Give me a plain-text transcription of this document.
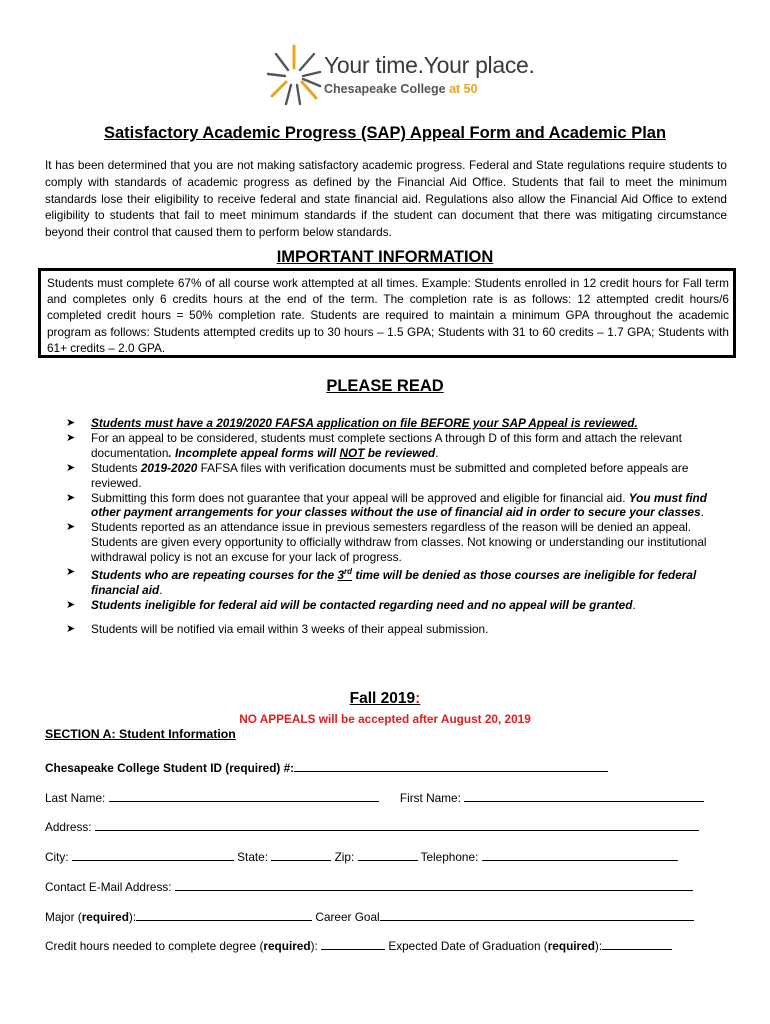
Your time.Your place.
Chesapeake College at 50
Satisfactory Academic Progress (SAP) Appeal Form and Academic Plan
It has been determined that you are not making satisfactory academic progress. Federal and State regulations require students to comply with standards of academic progress as defined by the Financial Aid Office. Students that fail to meet the minimum standards lose their eligibility to receive federal and state financial aid. Regulations also allow the Financial Aid Office to extend eligibility to students that fail to meet minimum standards if the student can document that there was mitigating circumstance beyond their control that caused them to perform below standards.
IMPORTANT INFORMATION
Students must complete 67% of all course work attempted at all times. Example: Students enrolled in 12 credit hours for Fall term and completes only 6 credits hours at the end of the term. The completion rate is as follows: 12 attempted credit hours/6 completed credit hours = 50% completion rate. Students are required to maintain a minimum GPA throughout the academic program as follows: Students attempted credits up to 30 hours – 1.5 GPA; Students with 31 to 60 credits – 1.7 GPA; Students with 61+ credits – 2.0 GPA.
PLEASE READ
➤ Students must have a 2019/2020 FAFSA application on file BEFORE your SAP Appeal is reviewed.
➤ For an appeal to be considered, students must complete sections A through D of this form and attach the relevant documentation. Incomplete appeal forms will NOT be reviewed.
➤ Students 2019-2020 FAFSA files with verification documents must be submitted and completed before appeals are reviewed.
➤ Submitting this form does not guarantee that your appeal will be approved and eligible for financial aid. You must find other payment arrangements for your classes without the use of financial aid in order to secure your classes.
➤ Students reported as an attendance issue in previous semesters regardless of the reason will be denied an appeal. Students are given every opportunity to officially withdraw from classes. Not knowing or understanding our institutional withdrawal policy is not an excuse for your lack of progress.
➤ Students who are repeating courses for the 3rd time will be denied as those courses are ineligible for federal financial aid.
➤ Students ineligible for federal aid will be contacted regarding need and no appeal will be granted.
➤ Students will be notified via email within 3 weeks of their appeal submission.
Fall 2019:
NO APPEALS will be accepted after August 20, 2019
SECTION A: Student Information
Chesapeake College Student ID (required) #:
Last Name:	First Name:
Address:
City:	State:	Zip:	Telephone:
Contact E-Mail Address:
Major (required):	Career Goal
Credit hours needed to complete degree (required):	Expected Date of Graduation (required):
